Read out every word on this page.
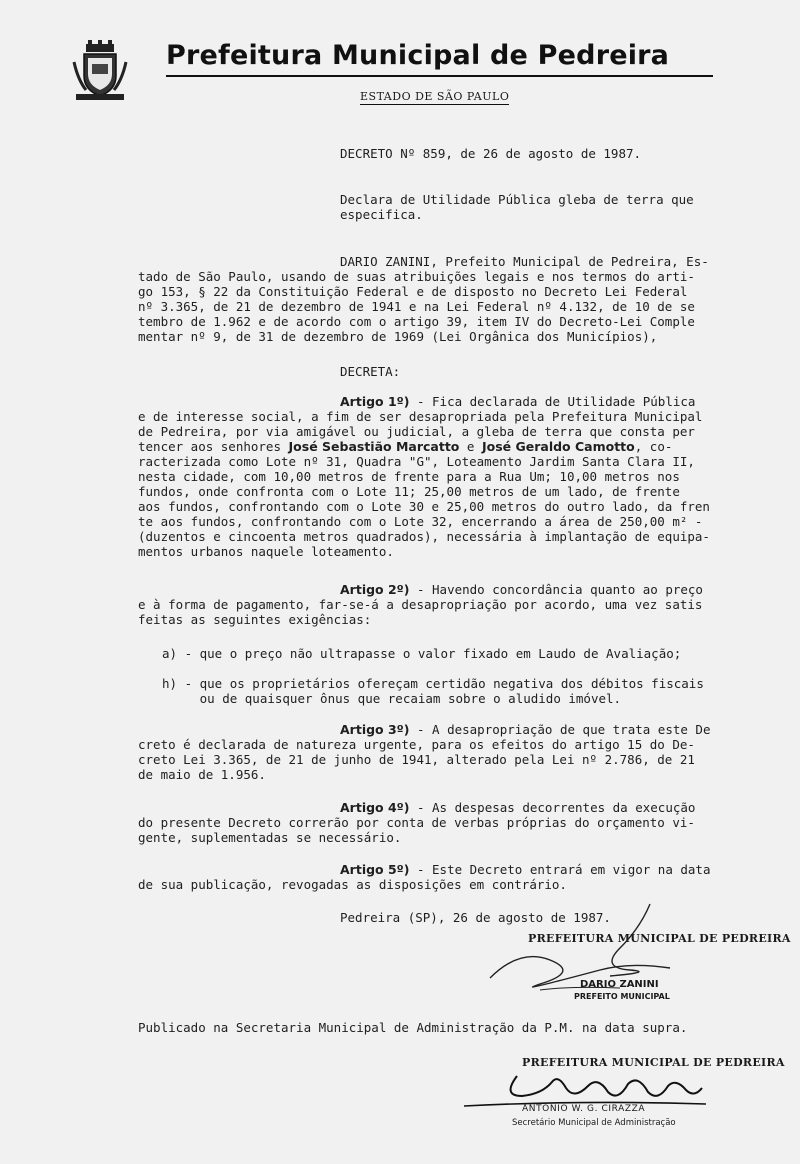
Prefeitura Municipal de Pedreira
ESTADO DE SÃO PAULO
DECRETO Nº 859, de 26 de agosto de 1987.
Declara de Utilidade Pública gleba de terra que
especifica.
DARIO ZANINI, Prefeito Municipal de Pedreira, Es-
tado de São Paulo, usando de suas atribuições legais e nos termos do arti-
go 153, § 22 da Constituição Federal e de disposto no Decreto Lei Federal
nº 3.365, de 21 de dezembro de 1941 e na Lei Federal nº 4.132, de 10 de se
tembro de 1.962 e de acordo com o artigo 39, item IV do Decreto-Lei Comple
mentar nº 9, de 31 de dezembro de 1969 (Lei Orgânica dos Municípios),
DECRETA:
Artigo 1º) - Fica declarada de Utilidade Pública
e de interesse social, a fim de ser desapropriada pela Prefeitura Municipal
de Pedreira, por via amigável ou judicial, a gleba de terra que consta per
tencer aos senhores José Sebastião Marcatto e José Geraldo Camotto, co-
racterizada como Lote nº 31, Quadra "G", Loteamento Jardim Santa Clara II,
nesta cidade, com 10,00 metros de frente para a Rua Um; 10,00 metros nos
fundos, onde confronta com o Lote 11; 25,00 metros de um lado, de frente
aos fundos, confrontando com o Lote 30 e 25,00 metros do outro lado, da fren
te aos fundos, confrontando com o Lote 32, encerrando a área de 250,00 m² -
(duzentos e cincoenta metros quadrados), necessária à implantação de equipa-
mentos urbanos naquele loteamento.
Artigo 2º) - Havendo concordância quanto ao preço
e à forma de pagamento, far-se-á a desapropriação por acordo, uma vez satis
feitas as seguintes exigências:
a) - que o preço não ultrapasse o valor fixado em Laudo de Avaliação;
h) - que os proprietários ofereçam certidão negativa dos débitos fiscais
ou de quaisquer ônus que recaiam sobre o aludido imóvel.
Artigo 3º) - A desapropriação de que trata este De
creto é declarada de natureza urgente, para os efeitos do artigo 15 do De-
creto Lei 3.365, de 21 de junho de 1941, alterado pela Lei nº 2.786, de 21
de maio de 1.956.
Artigo 4º) - As despesas decorrentes da execução
do presente Decreto correrão por conta de verbas próprias do orçamento vi-
gente, suplementadas se necessário.
Artigo 5º) - Este Decreto entrará em vigor na data
de sua publicação, revogadas as disposições em contrário.
Pedreira (SP), 26 de agosto de 1987.
PREFEITURA MUNICIPAL DE PEDREIRA
DARIO ZANINI
PREFEITO MUNICIPAL
Publicado na Secretaria Municipal de Administração da P.M. na data supra.
PREFEITURA MUNICIPAL DE PEDREIRA
ANTONIO W. G. CIRAZZA
Secretário Municipal de Administração
